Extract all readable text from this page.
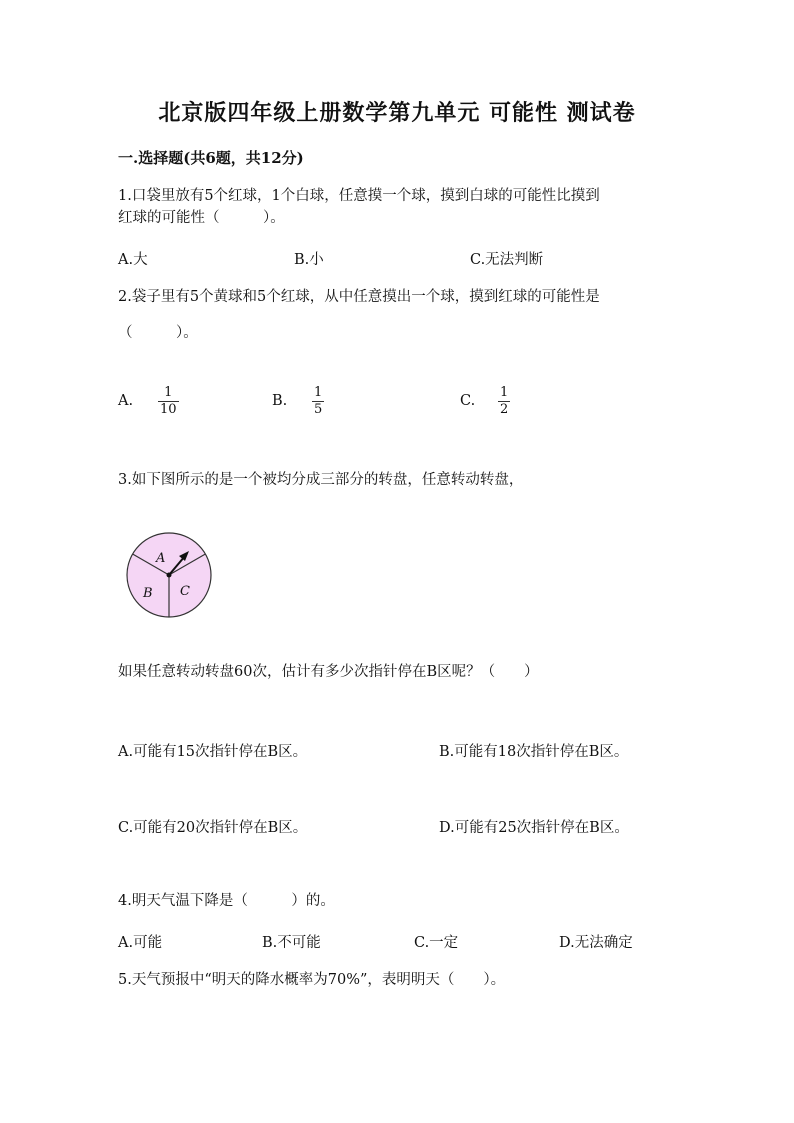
北京版四年级上册数学第九单元 可能性 测试卷
一.选择题(共6题，共12分)
1.口袋里放有5个红球，1个白球，任意摸一个球，摸到白球的可能性比摸到
红球的可能性（　　　）。
A.大	B.小	C.无法判断
2.袋子里有5个黄球和5个红球，从中任意摸出一个球，摸到红球的可能性是
（　　　）。
A.
1
10
B.
1
5
C.
1
2
3.如下图所示的是一个被均分成三部分的转盘，任意转动转盘，
A
B C
如果任意转动转盘60次，估计有多少次指针停在B区呢？（　　）
A.可能有15次指针停在B区。	B.可能有18次指针停在B区。
C.可能有20次指针停在B区。	D.可能有25次指针停在B区。
4.明天气温下降是（　　　）的。
A.可能	B.不可能	C.一定	D.无法确定
5.天气预报中“明天的降水概率为70%”，表明明天（　　）。
